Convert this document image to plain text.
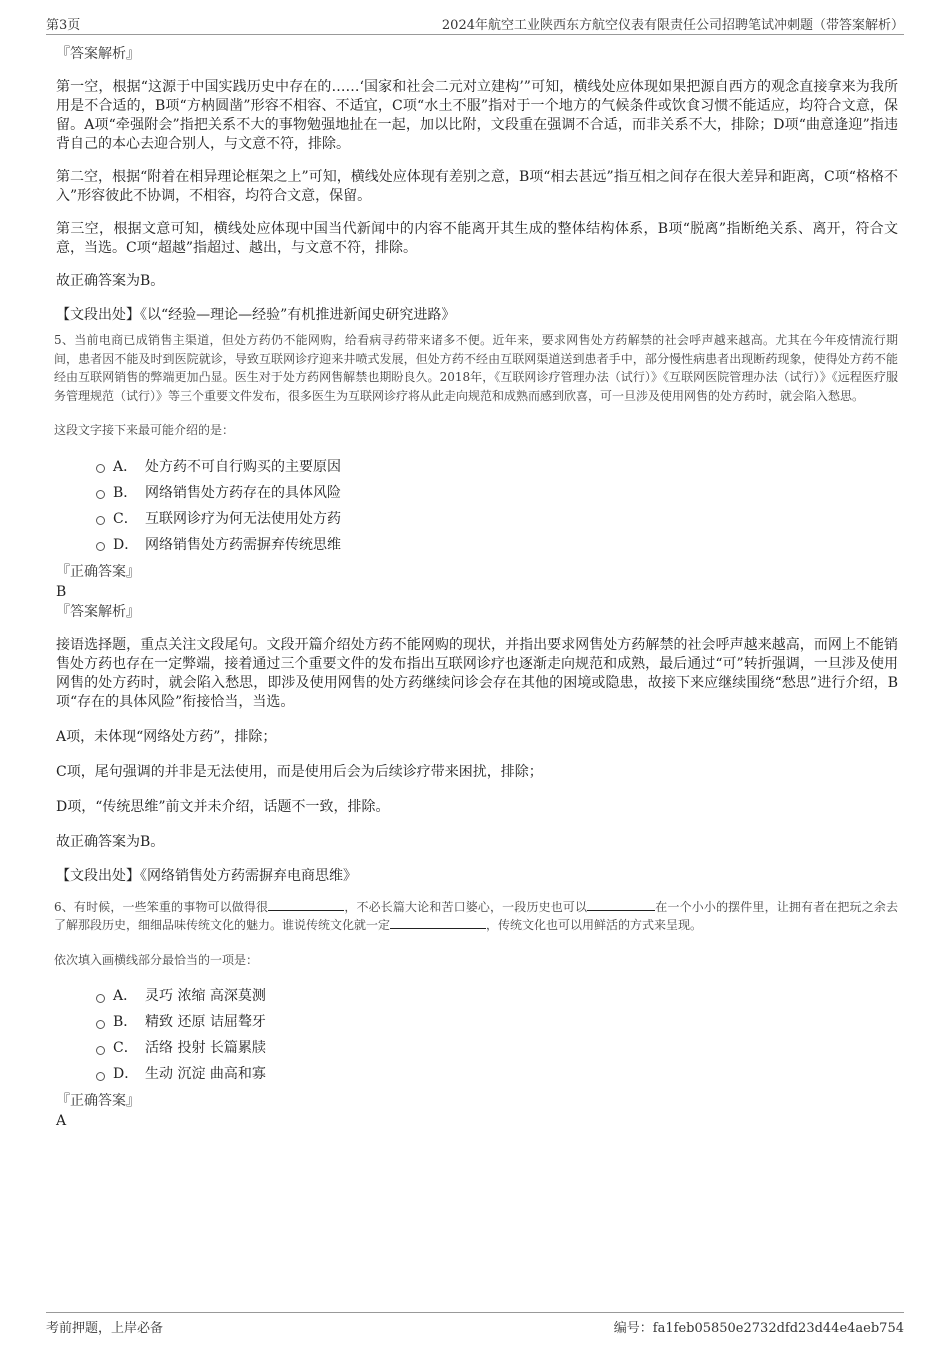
第3页	2024年航空工业陕西东方航空仪表有限责任公司招聘笔试冲刺题（带答案解析）
『答案解析』

第一空，根据“这源于中国实践历史中存在的……‘国家和社会二元对立建构’”可知，横线处应体现如果把源自西方的观念直接拿来为我所用是不合适的，B项“方枘圆凿”形容不相容、不适宜，C项“水土不服”指对于一个地方的气候条件或饮食习惯不能适应，均符合文意，保留。A项“牵强附会”指把关系不大的事物勉强地扯在一起，加以比附，文段重在强调不合适，而非关系不大，排除；D项“曲意逢迎”指违背自己的本心去迎合别人，与文意不符，排除。

第二空，根据“附着在相异理论框架之上”可知，横线处应体现有差别之意，B项“相去甚远”指互相之间存在很大差异和距离，C项“格格不入”形容彼此不协调，不相容，均符合文意，保留。

第三空，根据文意可知，横线处应体现中国当代新闻中的内容不能离开其生成的整体结构体系，B项“脱离”指断绝关系、离开，符合文意，当选。C项“超越”指超过、越出，与文意不符，排除。

故正确答案为B。

【文段出处】《以“经验—理论—经验”有机推进新闻史研究进路》

5、当前电商已成销售主渠道，但处方药仍不能网购，给看病寻药带来诸多不便。近年来，要求网售处方药解禁的社会呼声越来越高。尤其在今年疫情流行期间，患者因不能及时到医院就诊，导致互联网诊疗迎来井喷式发展，但处方药不经由互联网渠道送到患者手中，部分慢性病患者出现断药现象，使得处方药不能经由互联网销售的弊端更加凸显。医生对于处方药网售解禁也期盼良久。2018年，《互联网诊疗管理办法（试行）》《互联网医院管理办法（试行）》《远程医疗服务管理规范（试行）》等三个重要文件发布，很多医生为互联网诊疗将从此走向规范和成熟而感到欣喜，可一旦涉及使用网售的处方药时，就会陷入愁思。

这段文字接下来最可能介绍的是：

A． 处方药不可自行购买的主要原因
B． 网络销售处方药存在的具体风险
C． 互联网诊疗为何无法使用处方药
D． 网络销售处方药需摒弃传统思维
『正确答案』
B
『答案解析』

接语选择题，重点关注文段尾句。文段开篇介绍处方药不能网购的现状，并指出要求网售处方药解禁的社会呼声越来越高，而网上不能销售处方药也存在一定弊端，接着通过三个重要文件的发布指出互联网诊疗也逐渐走向规范和成熟，最后通过“可”转折强调，一旦涉及使用网售的处方药时，就会陷入愁思，即涉及使用网售的处方药继续问诊会存在其他的困境或隐患，故接下来应继续围绕“愁思”进行介绍，B项“存在的具体风险”衔接恰当，当选。

A项，未体现“网络处方药”，排除；

C项，尾句强调的并非是无法使用，而是使用后会为后续诊疗带来困扰，排除；

D项，“传统思维”前文并未介绍，话题不一致，排除。

故正确答案为B。

【文段出处】《网络销售处方药需摒弃电商思维》

6、有时候，一些笨重的事物可以做得很	，不必长篇大论和苦口婆心，一段历史也可以	在一个小小的摆件里，让拥有者在把玩之余去了解那段历史，细细品味传统文化的魅力。谁说传统文化就一定	，传统文化也可以用鲜活的方式来呈现。

依次填入画横线部分最恰当的一项是：

A． 灵巧 浓缩 高深莫测
B． 精致 还原 诘屈聱牙
C． 活络 投射 长篇累牍
D． 生动 沉淀 曲高和寡
『正确答案』
A
考前押题，上岸必备	编号：fa1feb05850e2732dfd23d44e4aeb754
